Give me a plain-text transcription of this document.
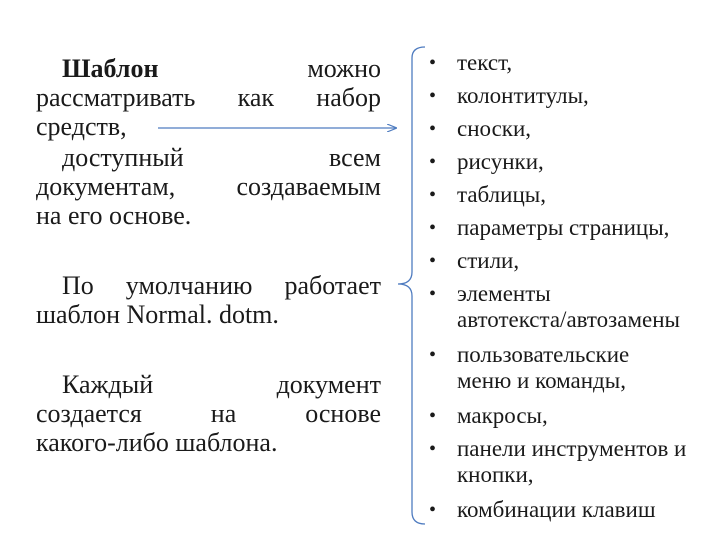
Шаблон	можно
рассматривать как набор
средств,
доступный всем
документам, создаваемым
на его основе.
По умолчанию работает
шаблон Normal. dotm.
Каждый документ
создается на основе
какого-либо шаблона.
• текст,
• колонтитулы,
• сноски,
• рисунки,
• таблицы,
• параметры страницы,
• стили,
• элементы
автотекста/автозамены
• пользовательские
меню и команды,
• макросы,
• панели инструментов и
кнопки,
• комбинации клавиш
